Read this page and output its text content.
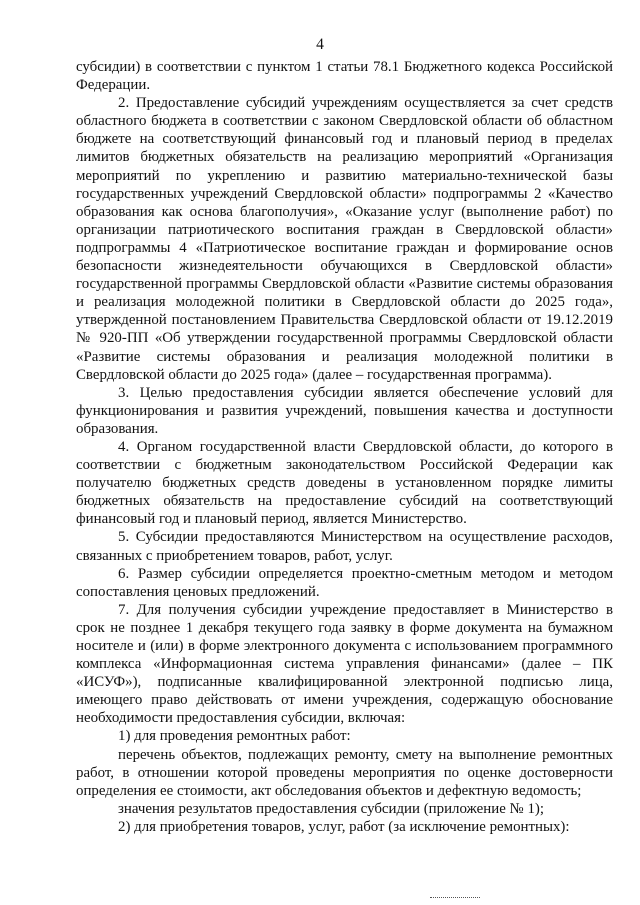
4

субсидии) в соответствии с пунктом 1 статьи 78.1 Бюджетного кодекса Российской Федерации.

2. Предоставление субсидий учреждениям осуществляется за счет средств областного бюджета в соответствии с законом Свердловской области об областном бюджете на соответствующий финансовый год и плановый период в пределах лимитов бюджетных обязательств на реализацию мероприятий «Организация мероприятий по укреплению и развитию материально-технической базы государственных учреждений Свердловской области» подпрограммы 2 «Качество образования как основа благополучия», «Оказание услуг (выполнение работ) по организации патриотического воспитания граждан в Свердловской области» подпрограммы 4 «Патриотическое воспитание граждан и формирование основ безопасности жизнедеятельности обучающихся в Свердловской области» государственной программы Свердловской области «Развитие системы образования и реализация молодежной политики в Свердловской области до 2025 года», утвержденной постановлением Правительства Свердловской области от 19.12.2019 № 920-ПП «Об утверждении государственной программы Свердловской области «Развитие системы образования и реализация молодежной политики в Свердловской области до 2025 года» (далее – государственная программа).

3. Целью предоставления субсидии является обеспечение условий для функционирования и развития учреждений, повышения качества и доступности образования.

4. Органом государственной власти Свердловской области, до которого в соответствии с бюджетным законодательством Российской Федерации как получателю бюджетных средств доведены в установленном порядке лимиты бюджетных обязательств на предоставление субсидий на соответствующий финансовый год и плановый период, является Министерство.

5. Субсидии предоставляются Министерством на осуществление расходов, связанных с приобретением товаров, работ, услуг.

6. Размер субсидии определяется проектно-сметным методом и методом сопоставления ценовых предложений.

7. Для получения субсидии учреждение предоставляет в Министерство в срок не позднее 1 декабря текущего года заявку в форме документа на бумажном носителе и (или) в форме электронного документа с использованием программного комплекса «Информационная система управления финансами» (далее – ПК «ИСУФ»), подписанные квалифицированной электронной подписью лица, имеющего право действовать от имени учреждения, содержащую обоснование необходимости предоставления субсидии, включая:

1) для проведения ремонтных работ:

перечень объектов, подлежащих ремонту, смету на выполнение ремонтных работ, в отношении которой проведены мероприятия по оценке достоверности определения ее стоимости, акт обследования объектов и дефектную ведомость;

значения результатов предоставления субсидии (приложение № 1);

2) для приобретения товаров, услуг, работ (за исключение ремонтных):
